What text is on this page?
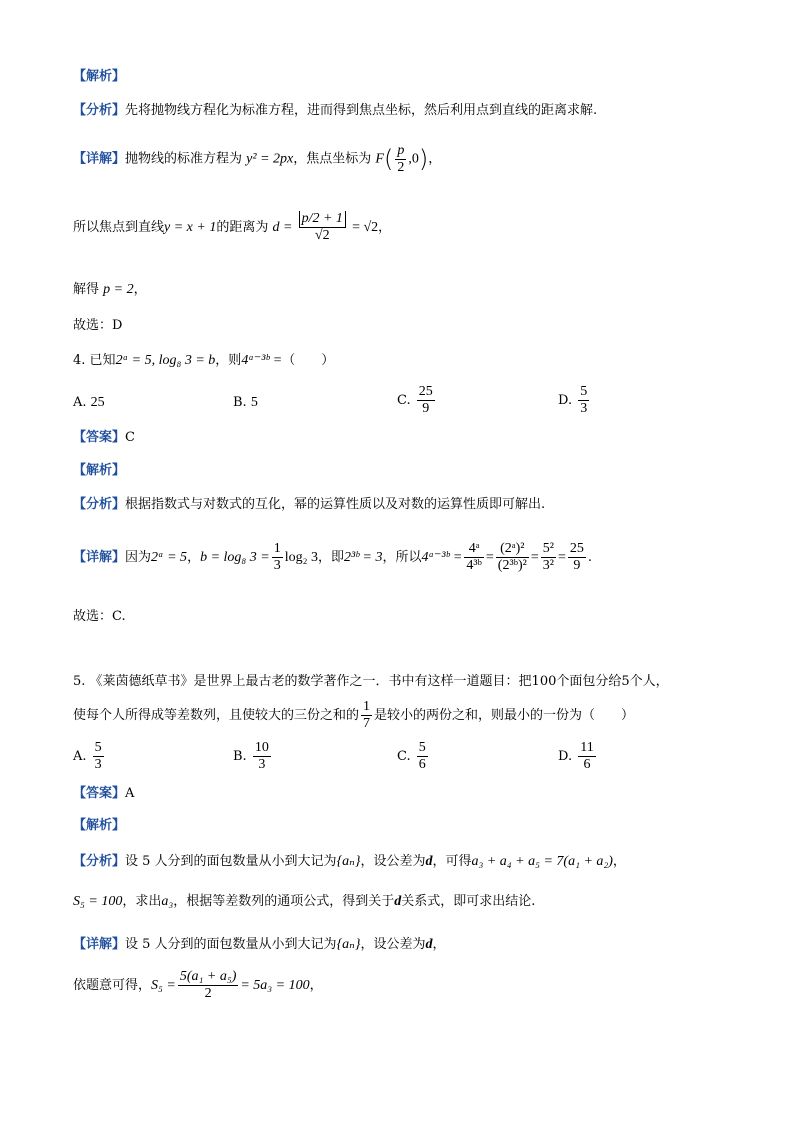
【解析】
【分析】先将抛物线方程化为标准方程，进而得到焦点坐标，然后利用点到直线的距离求解.
【详解】抛物线的标准方程为 y² = 2px，焦点坐标为 $F( \frac{p}{2} ,0)$，
所以焦点到直线y = x + 1的距离为 $d = \frac{p/2 + 1}{√2} = √2$，
解得 p = 2，
故选：D
4. 已知2ᵃ = 5, log₈ 3 = b，则4ᵃ⁻³ᵇ =（　　）
A. 25	B. 5	C. $\frac{25}{9}$	D. $\frac{5}{3}$
【答案】C
【解析】
【分析】根据指数式与对数式的互化，幂的运算性质以及对数的运算性质即可解出.
【详解】因为2ᵃ = 5，b = log₈ $3 = \frac{1}{3} \log_2$ 3，即2³ᵇ = 3，所以4ᵃ⁻³ᵇ = $\frac{\text{4ᵃ}}{\text{4³ᵇ}} = \frac{\text{(2ᵃ)²}}{\text{(2³ᵇ)²}} = \frac{\text{5²}}{\text{3²}} = \frac{25}{9}$ .
故选：C.
5. 《莱茵德纸草书》是世界上最古老的数学著作之一．书中有这样一道题目：把100个面包分给5个人，
使每个人所得成等差数列，且使较大的三份之和的 $\frac{1}{7}$ 是较小的两份之和，则最小的一份为（　　）
A. $\frac{5}{3}$	B. $\frac{10}{3}$	C. $\frac{5}{6}$	D. $\frac{11}{6}$
【答案】A
【解析】
【分析】设 5 人分到的面包数量从小到大记为{aₙ}，设公差为d，可得a₃ + a₄ + a₅ = 7(a₁ + a₂)，
S₅ = 100，求出a₃，根据等差数列的通项公式，得到关于d关系式，即可求出结论.
【详解】设 5 人分到的面包数量从小到大记为{aₙ}，设公差为d，
依题意可得，$S_5 = \frac{\text{5(a₁ + a₅)}}{2} = 5a_3 = 100$，
